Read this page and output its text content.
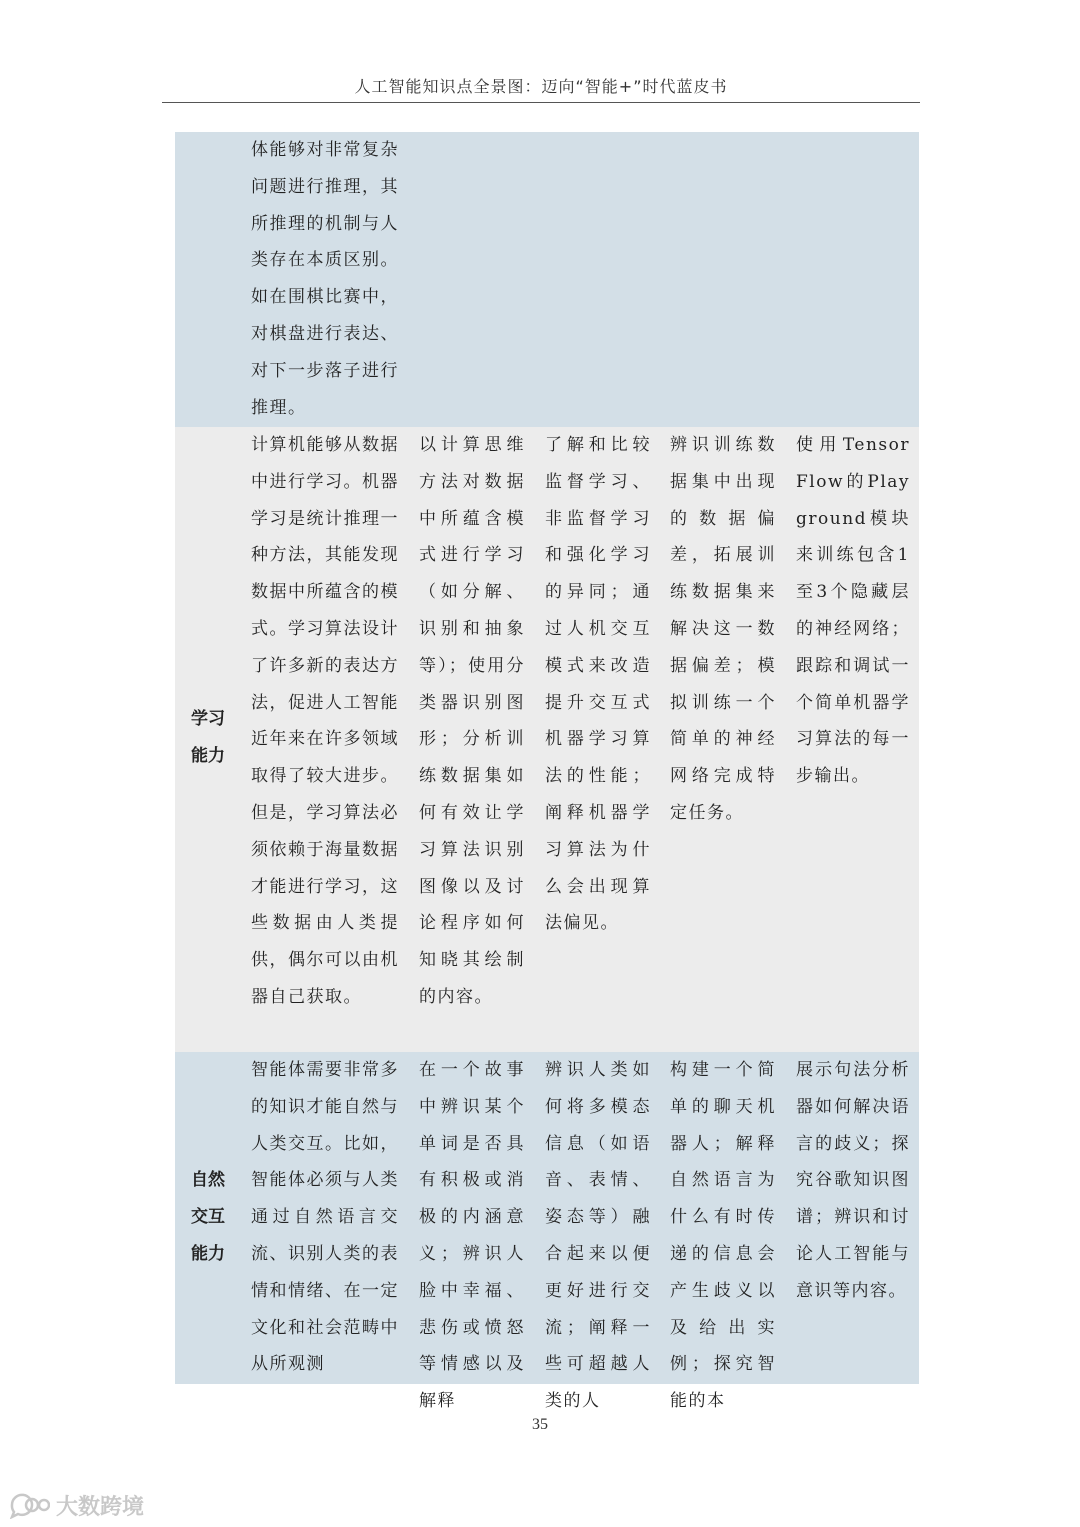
人工智能知识点全景图：迈向“智能+”时代蓝皮书
体能够对非常复杂问题进行推理，其所推理的机制与人类存在本质区别。如在围棋比赛中，对棋盘进行表达、对下一步落子进行推理。
学习
能力
计算机能够从数据中进行学习。机器学习是统计推理一种方法，其能发现数据中所蕴含的模式。学习算法设计了许多新的表达方法，促进人工智能近年来在许多领域取得了较大进步。但是，学习算法必须依赖于海量数据才能进行学习，这些数据由人类提供，偶尔可以由机器自己获取。
以计算思维方法对数据中所蕴含模式进行学习（如分解、识别和抽象等）；使用分类器识别图形；分析训练数据集如何有效让学习算法识别图像以及讨论程序如何知晓其绘制的内容。
了解和比较监督学习、非监督学习和强化学习的异同；通过人机交互模式来改造提升交互式机器学习算法的性能；阐释机器学习算法为什么会出现算法偏见。
辨识训练数据集中出现的数据偏差，拓展训练数据集来解决这一数据偏差；模拟训练一个简单的神经网络完成特定任务。
使用TensorFlow的Playground模块来训练包含1至3个隐藏层的神经网络；跟踪和调试一个简单机器学习算法的每一步输出。
自然
交互
能力
智能体需要非常多的知识才能自然与人类交互。比如，智能体必须与人类通过自然语言交流、识别人类的表情和情绪、在一定文化和社会范畴中从所观测
在一个故事中辨识某个单词是否具有积极或消极的内涵意义；辨识人脸中幸福、悲伤或愤怒等情感以及解释
辨识人类如何将多模态信息（如语音、表情、姿态等）融合起来以便更好进行交流；阐释一些可超越人类的人
构建一个简单的聊天机器人；解释自然语言为什么有时传递的信息会产生歧义以及给出实例；探究智能的本
展示句法分析器如何解决语言的歧义；探究谷歌知识图谱；辨识和讨论人工智能与意识等内容。
35
大数跨境
